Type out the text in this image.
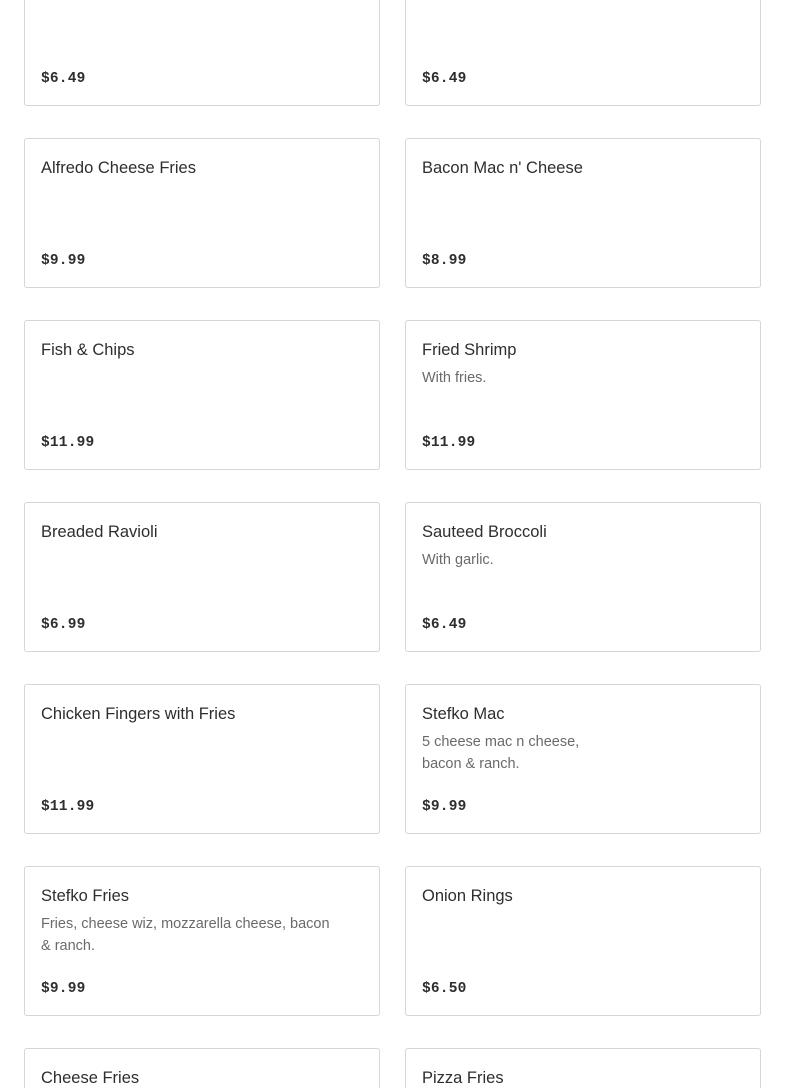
$6.49	$6.49
Alfredo Cheese Fries
$9.99
Bacon Mac n' Cheese
$8.99
Fish & Chips
$11.99
Fried Shrimp
With fries.
$11.99
Breaded Ravioli
$6.99
Sauteed Broccoli
With garlic.
$6.49
Chicken Fingers with Fries
$11.99
Stefko Mac
5 cheese mac n cheese, bacon & ranch.
$9.99
Stefko Fries
Fries, cheese wiz, mozzarella cheese, bacon & ranch.
$9.99
Onion Rings
$6.50
Cheese Fries	Pizza Fries
